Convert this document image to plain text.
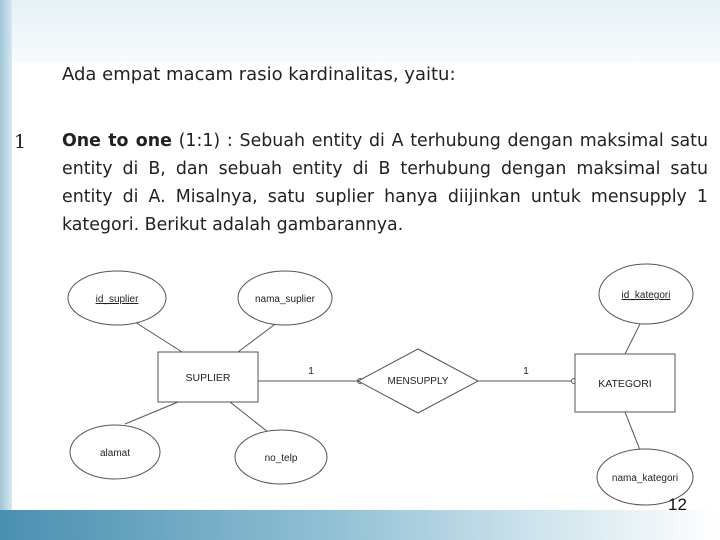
Ada empat macam rasio kardinalitas, yaitu:

1 One to one (1:1) : Sebuah entity di A terhubung dengan maksimal satu entity di B, dan sebuah entity di B terhubung dengan maksimal satu entity di A. Misalnya, satu suplier hanya diijinkan untuk mensupply 1 kategori. Berikut adalah gambarannya.

id_suplier	nama_suplier
alamat	no_telp
id_kategori
nama_kategori
SUPLIER	KATEGORI
MENSUPPLY
1	1
12
